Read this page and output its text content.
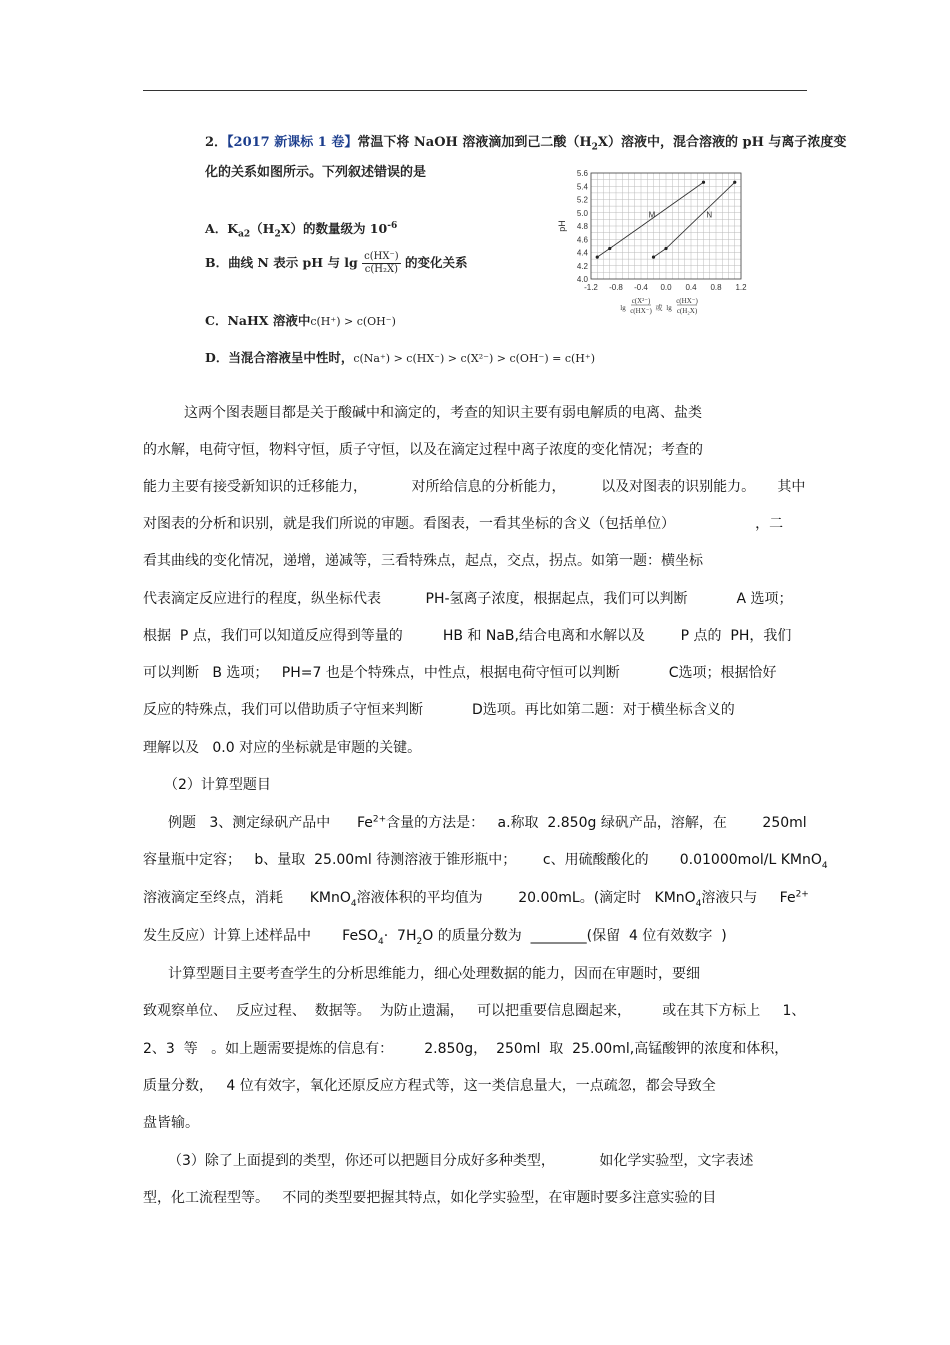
2．【2017 新课标 1 卷】常温下将 NaOH 溶液滴加到己二酸$(H_2X)$溶液中，混合溶液的 pH 与离子浓度变
化的关系如图所示。下列叙述错误的是
A．$K_{a2}(H_2X)$的数量级为 $10^{-6}$
B．曲线 N 表示 pH 与 $\lg \frac{c(HX^-)}{\text{c(H₂X)}}$ 的变化关系
C．NaHX 溶液中c(H⁺) > c(OH⁻)
D．当混合溶液呈中性时，c(Na⁺) > c(HX⁻) > c(X²⁻) > c(OH⁻) = c(H⁺)
4.0
4.2
4.4
4.6
4.8
5.0
5.2
5.4
5.6
-1.2 -0.8 -0.4 0.0 0.4 0.8 1.2
pH
lg
c(X²⁻)
c(HX⁻) 或 lg
c(HX⁻)
c(H₂X)
M	N
这两个图表题目都是关于酸碱中和滴定的，考查的知识主要有弱电解质的电离、盐类
的水解，电荷守恒，物料守恒，质子守恒，以及在滴定过程中离子浓度的变化情况；考查的
能力主要有接受新知识的迁移能力，          对所给信息的分析能力，        以及对图表的识别能力。     其中
对图表的分析和识别，就是我们所说的审题。看图表，一看其坐标的含义（包括单位）                  ，二
看其曲线的变化情况，递增，递减等，三看特殊点，起点，交点，拐点。如第一题：横坐标
代表滴定反应进行的程度，纵坐标代表          PH-氢离子浓度，根据起点，我们可以判断           A 选项；
根据  P 点，我们可以知道反应得到等量的         HB 和 NaB,结合电离和水解以及        P 点的  PH，我们
可以判断   B 选项；   PH=7 也是个特殊点，中性点，根据电荷守恒可以判断           C选项；根据恰好
反应的特殊点，我们可以借助质子守恒来判断           D选项。再比如第二题：对于横坐标含义的
理解以及   0.0 对应的坐标就是审题的关键。
（2）计算型题目
例题   3、测定绿矾产品中      $Fe^{2+}$含量的方法是：   a.称取  2.850g 绿矾产品，溶解，在        250ml
容量瓶中定容；   b、量取  25.00ml 待测溶液于锥形瓶中；      c、用硫酸酸化的       0.01000mol/L KMnO$_4$
溶液滴定至终点，消耗      KMnO$_4$溶液体积的平均值为        20.00mL。(滴定时   KMnO$_4$溶液只与     $Fe^{2+}$
发生反应）计算上述样品中       FeSO$_4$·  $7H_2O$ 的质量分数为  ________(保留  4 位有效数字  )
计算型题目主要考查学生的分析思维能力，细心处理数据的能力，因而在审题时，要细
致观察单位、  反应过程、  数据等。  为防止遗漏，   可以把重要信息圈起来，       或在其下方标上     1、
2、3  等   。如上题需要提炼的信息有：       2.850g，  250ml  取  25.00ml,高锰酸钾的浓度和体积，
质量分数，   4 位有效字，氧化还原反应方程式等，这一类信息量大，一点疏忽，都会导致全
盘皆输。
（3）除了上面提到的类型，你还可以把题目分成好多种类型，          如化学实验型，文字表述
型，化工流程型等。   不同的类型要把握其特点，如化学实验型，在审题时要多注意实验的目
